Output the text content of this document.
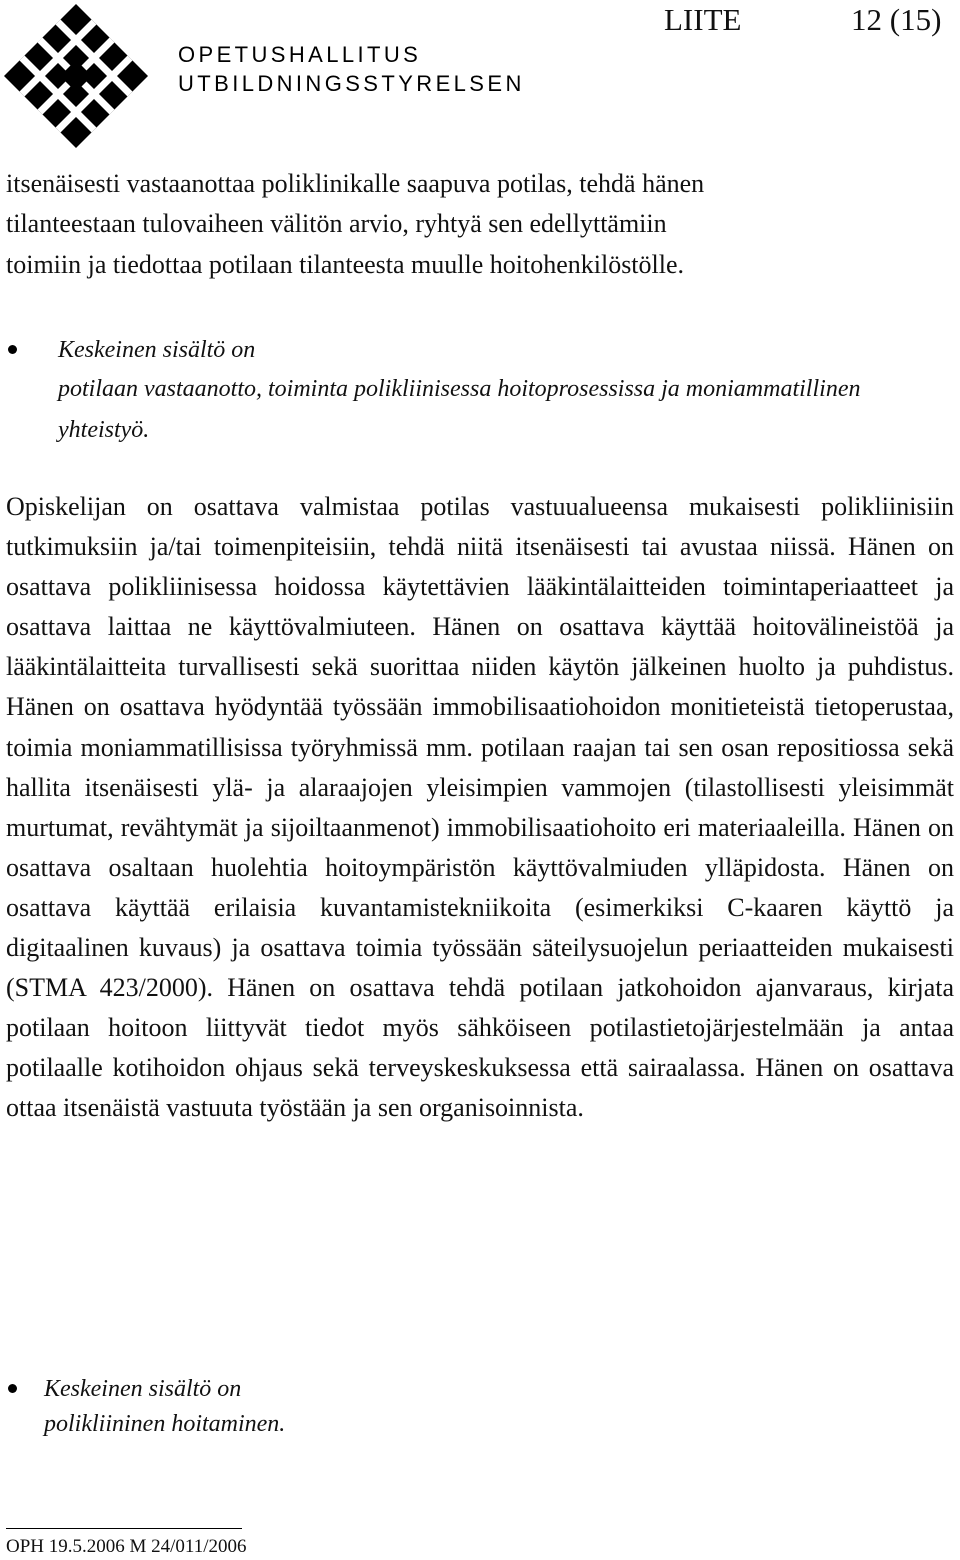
OPETUSHALLITUS
UTBILDNINGSSTYRELSEN
LIITE	12 (15)
itsenäisesti vastaanottaa poliklinikalle saapuva potilas, tehdä hänen
tilanteestaan tulovaiheen välitön arvio, ryhtyä sen edellyttämiin
toimiin ja tiedottaa potilaan tilanteesta muulle hoitohenkilöstölle.
Keskeinen sisältö on
potilaan vastaanotto, toiminta polikliinisessa hoitoprosessissa ja moniammatillinen
yhteistyö.

Opiskelijan on osattava valmistaa potilas vastuualueensa mukaisesti polikliinisiin tutkimuksiin ja/tai toimenpiteisiin, tehdä niitä itsenäisesti tai avustaa niissä. Hänen on osattava polikliinisessa hoidossa käytettävien lääkintälaitteiden toimintaperiaatteet ja osattava laittaa ne käyttövalmiuteen. Hänen on osattava käyttää hoitovälineistöä ja lääkintälaitteita turvallisesti sekä suorittaa niiden käytön jälkeinen huolto ja puhdistus. Hänen on osattava hyödyntää työssään immobilisaatiohoidon monitieteistä tietoperustaa, toimia moniammatillisissa työryhmissä mm. potilaan raajan tai sen osan repositiossa sekä hallita itsenäisesti ylä- ja alaraajojen yleisimpien vammojen (tilastollisesti yleisimmät murtumat, revähtymät ja sijoiltaanmenot) immobilisaatiohoito eri materiaaleilla. Hänen on osattava osaltaan huolehtia hoitoympäristön käyttövalmiuden ylläpidosta. Hänen on osattava käyttää erilaisia kuvantamistekniikoita (esimerkiksi C-kaaren käyttö ja digitaalinen kuvaus) ja osattava toimia työssään säteilysuojelun periaatteiden mukaisesti (STMA 423/2000). Hänen on osattava tehdä potilaan jatkohoidon ajanvaraus, kirjata potilaan hoitoon liittyvät tiedot myös sähköiseen potilastietojärjestelmään ja antaa potilaalle kotihoidon ohjaus sekä terveyskeskuksessa että sairaalassa. Hänen on osattava ottaa itsenäistä vastuuta työstään ja sen organisoinnista.

Keskeinen sisältö on
polikliininen hoitaminen.
OPH 19.5.2006 M 24/011/2006
